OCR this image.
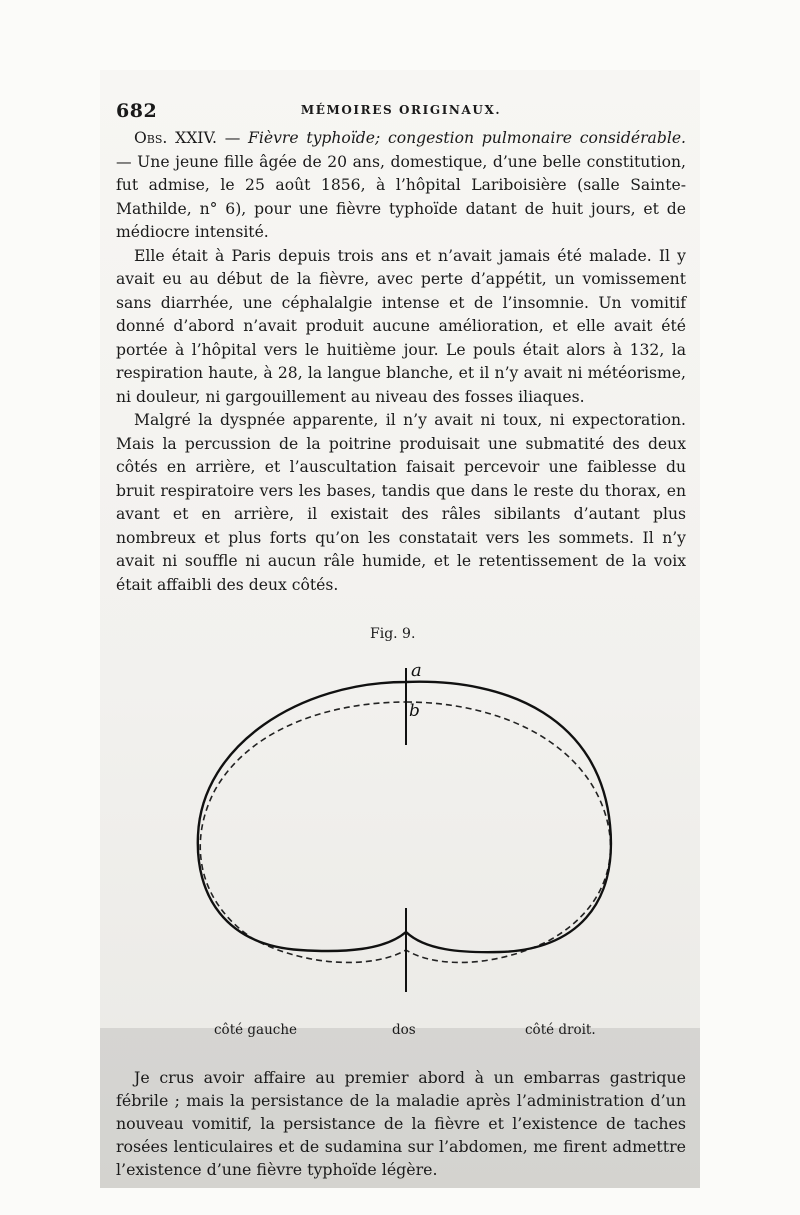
682	MÉMOIRES ORIGINAUX.

Obs. XXIV. — Fièvre typhoïde; congestion pulmonaire considérable. — Une jeune fille âgée de 20 ans, domestique, d’une belle constitution, fut admise, le 25 août 1856, à l’hôpital Lariboisière (salle Sainte-Mathilde, n° 6), pour une fièvre typhoïde datant de huit jours, et de médiocre intensité.

Elle était à Paris depuis trois ans et n’avait jamais été malade. Il y avait eu au début de la fièvre, avec perte d’appétit, un vomissement sans diarrhée, une céphalalgie intense et de l’insomnie. Un vomitif donné d’abord n’avait produit aucune amélioration, et elle avait été portée à l’hôpital vers le huitième jour. Le pouls était alors à 132, la respiration haute, à 28, la langue blanche, et il n’y avait ni météorisme, ni douleur, ni gargouillement au niveau des fosses iliaques.

Malgré la dyspnée apparente, il n’y avait ni toux, ni expectoration. Mais la percussion de la poitrine produisait une submatité des deux côtés en arrière, et l’auscultation faisait percevoir une faiblesse du bruit respiratoire vers les bases, tandis que dans le reste du thorax, en avant et en arrière, il existait des râles sibilants d’autant plus nombreux et plus forts qu’on les constatait vers les sommets. Il n’y avait ni souffle ni aucun râle humide, et le retentissement de la voix était affaibli des deux côtés.

Fig. 9.
a
b
côté gauche	dos	côté droit.

Je crus avoir affaire au premier abord à un embarras gastrique fébrile ; mais la persistance de la maladie après l’administration d’un nouveau vomitif, la persistance de la fièvre et l’existence de taches rosées lenticulaires et de sudamina sur l’abdomen, me firent admettre l’existence d’une fièvre typhoïde légère.
